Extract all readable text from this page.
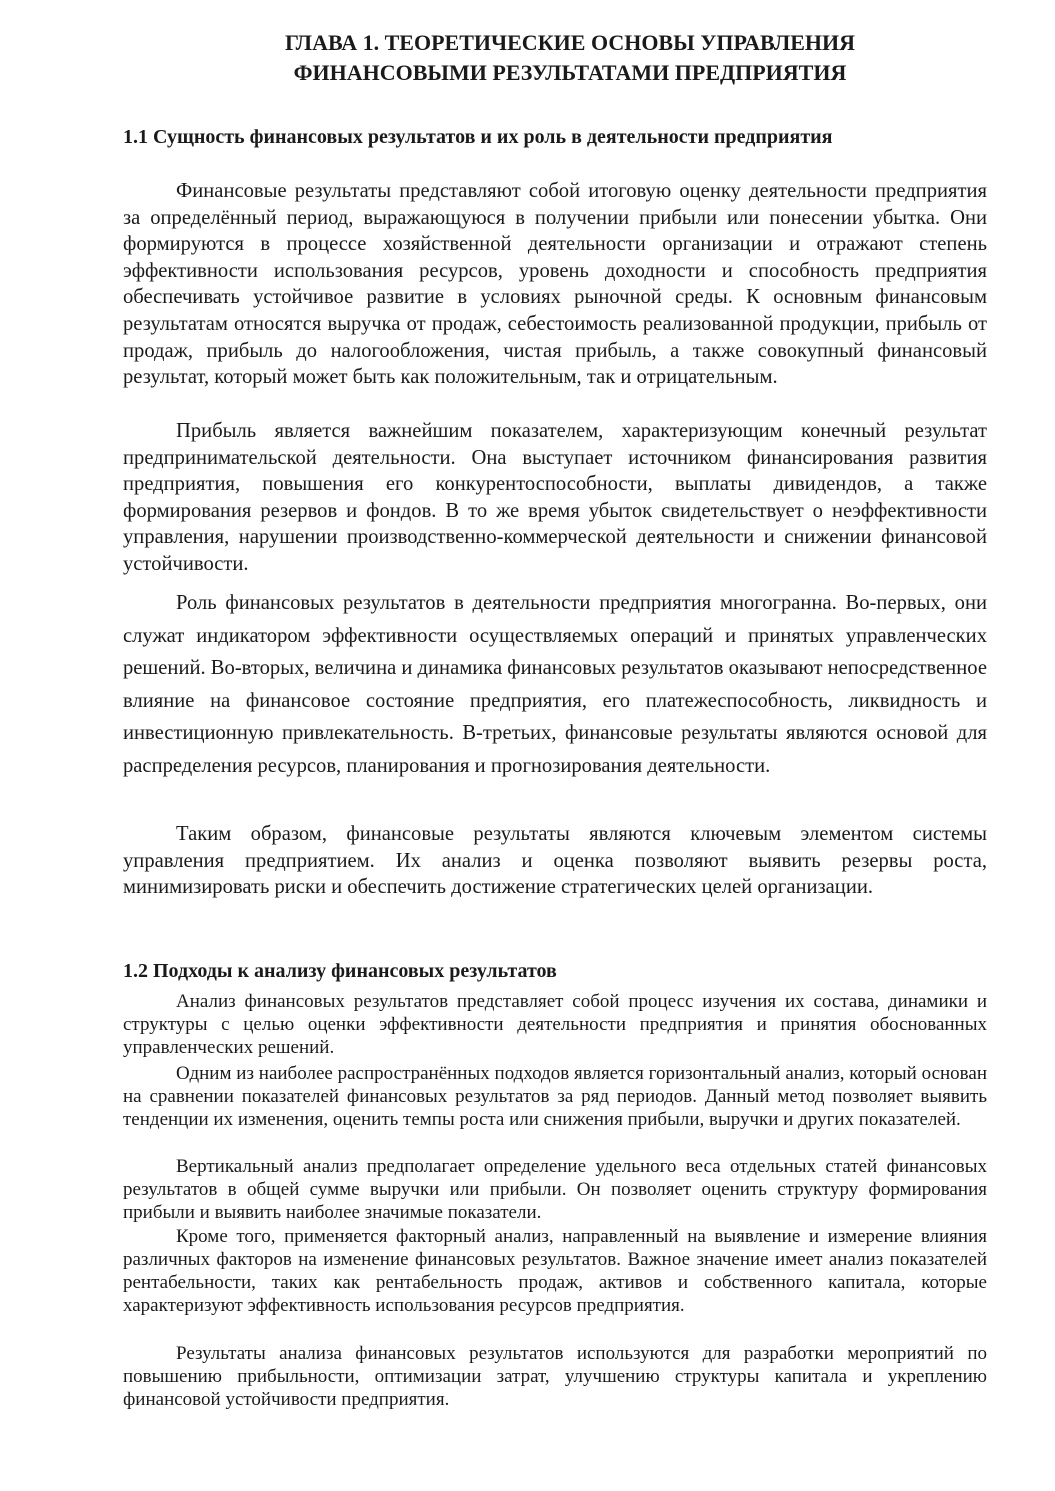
ГЛАВА 1. ТЕОРЕТИЧЕСКИЕ ОСНОВЫ УПРАВЛЕНИЯ
ФИНАНСОВЫМИ РЕЗУЛЬТАТАМИ ПРЕДПРИЯТИЯ
1.1 Сущность финансовых результатов и их роль в деятельности предприятия

Финансовые результаты представляют собой итоговую оценку деятельности предприятия за определённый период, выражающуюся в получении прибыли или понесении убытка. Они формируются в процессе хозяйственной деятельности организации и отражают степень эффективности использования ресурсов, уровень доходности и способность предприятия обеспечивать устойчивое развитие в условиях рыночной среды. К основным финансовым результатам относятся выручка от продаж, себестоимость реализованной продукции, прибыль от продаж, прибыль до налогообложения, чистая прибыль, а также совокупный финансовый результат, который может быть как положительным, так и отрицательным.

Прибыль является важнейшим показателем, характеризующим конечный результат предпринимательской деятельности. Она выступает источником финансирования развития предприятия, повышения его конкурентоспособности, выплаты дивидендов, а также формирования резервов и фондов. В то же время убыток свидетельствует о неэффективности управления, нарушении производственно-коммерческой деятельности и снижении финансовой устойчивости.

Роль финансовых результатов в деятельности предприятия многогранна. Во-первых, они служат индикатором эффективности осуществляемых операций и принятых управленческих решений. Во-вторых, величина и динамика финансовых результатов оказывают непосредственное влияние на финансовое состояние предприятия, его платежеспособность, ликвидность и инвестиционную привлекательность. В-третьих, финансовые результаты являются основой для распределения ресурсов, планирования и прогнозирования деятельности.

Таким образом, финансовые результаты являются ключевым элементом системы управления предприятием. Их анализ и оценка позволяют выявить резервы роста, минимизировать риски и обеспечить достижение стратегических целей организации.

1.2 Подходы к анализу финансовых результатов

Анализ финансовых результатов представляет собой процесс изучения их состава, динамики и структуры с целью оценки эффективности деятельности предприятия и принятия обоснованных управленческих решений.

Одним из наиболее распространённых подходов является горизонтальный анализ, который основан на сравнении показателей финансовых результатов за ряд периодов. Данный метод позволяет выявить тенденции их изменения, оценить темпы роста или снижения прибыли, выручки и других показателей.

Вертикальный анализ предполагает определение удельного веса отдельных статей финансовых результатов в общей сумме выручки или прибыли. Он позволяет оценить структуру формирования прибыли и выявить наиболее значимые показатели.

Кроме того, применяется факторный анализ, направленный на выявление и измерение влияния различных факторов на изменение финансовых результатов. Важное значение имеет анализ показателей рентабельности, таких как рентабельность продаж, активов и собственного капитала, которые характеризуют эффективность использования ресурсов предприятия.

Результаты анализа финансовых результатов используются для разработки мероприятий по повышению прибыльности, оптимизации затрат, улучшению структуры капитала и укреплению финансовой устойчивости предприятия.
